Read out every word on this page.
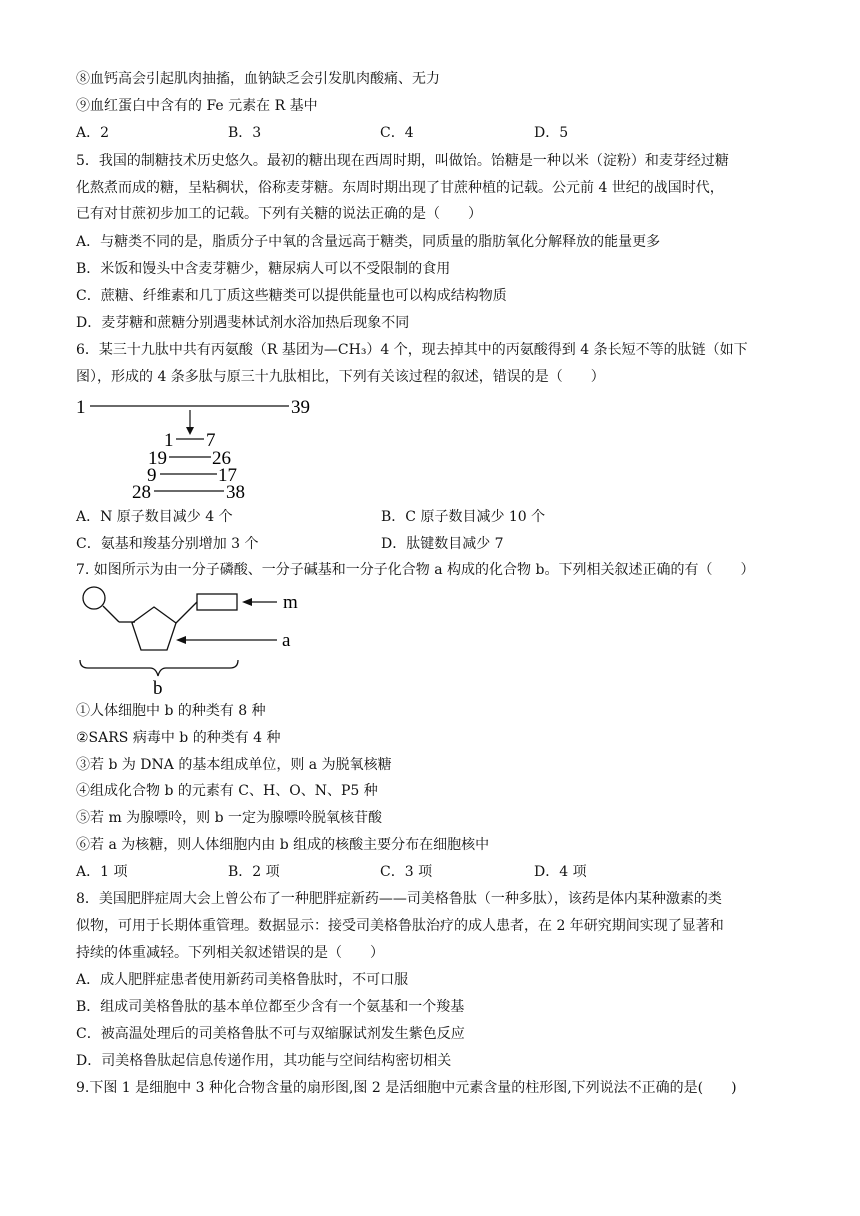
⑧血钙高会引起肌肉抽搐，血钠缺乏会引发肌肉酸痛、无力
⑨血红蛋白中含有的 Fe 元素在 R 基中
A．2	B．3	C．4	D．5
5．我国的制糖技术历史悠久。最初的糖出现在西周时期，叫做饴。饴糖是一种以米（淀粉）和麦芽经过糖
化熬煮而成的糖，呈粘稠状，俗称麦芽糖。东周时期出现了甘蔗种植的记载。公元前 4 世纪的战国时代，
已有对甘蔗初步加工的记载。下列有关糖的说法正确的是（　　）
A．与糖类不同的是，脂质分子中氧的含量远高于糖类，同质量的脂肪氧化分解释放的能量更多
B．米饭和馒头中含麦芽糖少，糖尿病人可以不受限制的食用
C．蔗糖、纤维素和几丁质这些糖类可以提供能量也可以构成结构物质
D．麦芽糖和蔗糖分别遇斐林试剂水浴加热后现象不同
6．某三十九肽中共有丙氨酸（R 基团为—CH₃）4 个，现去掉其中的丙氨酸得到 4 条长短不等的肽链（如下
图），形成的 4 条多肽与原三十九肽相比，下列有关该过程的叙述，错误的是（　　）
1	39
1 7
19 26
9	17
28	38
A．N 原子数目减少 4 个	B．C 原子数目减少 10 个
C．氨基和羧基分别增加 3 个	D．肽键数目减少 7
7. 如图所示为由一分子磷酸、一分子碱基和一分子化合物 a 构成的化合物 b。下列相关叙述正确的有（　　）
m
a
b
①人体细胞中 b 的种类有 8 种
②SARS 病毒中 b 的种类有 4 种
③若 b 为 DNA 的基本组成单位，则 a 为脱氧核糖
④组成化合物 b 的元素有 C、H、O、N、P5 种
⑤若 m 为腺嘌呤，则 b 一定为腺嘌呤脱氧核苷酸
⑥若 a 为核糖，则人体细胞内由 b 组成的核酸主要分布在细胞核中
A．1 项	B．2 项	C．3 项	D．4 项
8．美国肥胖症周大会上曾公布了一种肥胖症新药——司美格鲁肽（一种多肽），该药是体内某种激素的类
似物，可用于长期体重管理。数据显示：接受司美格鲁肽治疗的成人患者，在 2 年研究期间实现了显著和
持续的体重减轻。下列相关叙述错误的是（　　）
A．成人肥胖症患者使用新药司美格鲁肽时，不可口服
B．组成司美格鲁肽的基本单位都至少含有一个氨基和一个羧基
C．被高温处理后的司美格鲁肽不可与双缩脲试剂发生紫色反应
D．司美格鲁肽起信息传递作用，其功能与空间结构密切相关
9.下图 1 是细胞中 3 种化合物含量的扇形图,图 2 是活细胞中元素含量的柱形图,下列说法不正确的是(　　)
